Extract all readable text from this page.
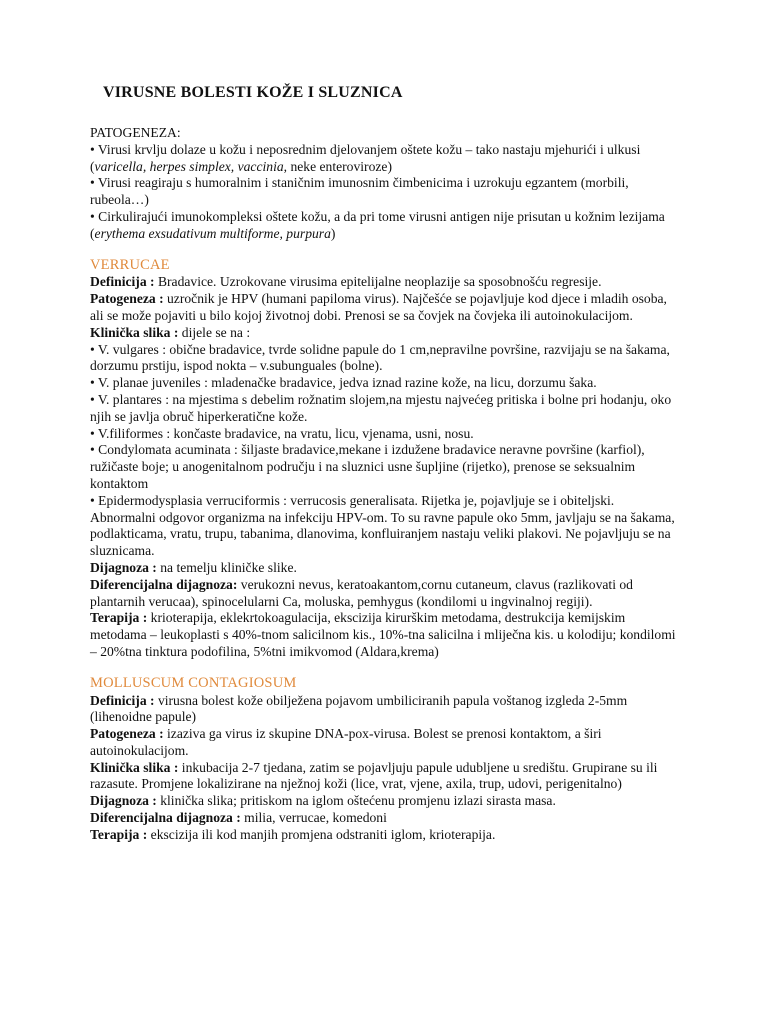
VIRUSNE BOLESTI KOŽE I SLUZNICA

PATOGENEZA:

• Virusi krvlju dolaze u kožu i neposrednim djelovanjem oštete kožu – tako nastaju mjehurići i ulkusi (varicella, herpes simplex, vaccinia, neke enteroviroze)

• Virusi reagiraju s humoralnim i staničnim imunosnim čimbenicima i uzrokuju egzantem (morbili, rubeola…)

• Cirkulirajući imunokompleksi oštete kožu, a da pri tome virusni antigen nije prisutan u kožnim lezijama (erythema exsudativum multiforme, purpura)

VERRUCAE

Definicija : Bradavice. Uzrokovane virusima epitelijalne neoplazije sa sposobnošću regresije.

Patogeneza : uzročnik je HPV (humani papiloma virus). Najčešće se pojavljuje kod djece i mladih osoba, ali se može pojaviti u bilo kojoj životnoj dobi. Prenosi se sa čovjek na čovjeka ili autoinokulacijom.

Klinička slika : dijele se na :

• V. vulgares : obične bradavice, tvrde solidne papule do 1 cm,nepravilne površine, razvijaju se na šakama, dorzumu prstiju, ispod nokta – v.subunguales (bolne).

• V. planae juveniles : mladenačke bradavice, jedva iznad razine kože, na licu, dorzumu šaka.

• V. plantares : na mjestima s debelim rožnatim slojem,na mjestu najvećeg pritiska i bolne pri hodanju, oko njih se javlja obruč hiperkeratične kože.

• V.filiformes : končaste bradavice, na vratu, licu, vjenama, usni, nosu.

• Condylomata acuminata : šiljaste bradavice,mekane i izdužene bradavice neravne površine (karfiol), ružičaste boje; u anogenitalnom području i na sluznici usne šupljine (rijetko), prenose se seksualnim kontaktom

• Epidermodysplasia verruciformis : verrucosis generalisata. Rijetka je, pojavljuje se i obiteljski. Abnormalni odgovor organizma na infekciju HPV-om. To su ravne papule oko 5mm, javljaju se na šakama, podlakticama, vratu, trupu, tabanima, dlanovima, konfluiranjem nastaju veliki plakovi. Ne pojavljuju se na sluznicama.

Dijagnoza : na temelju kliničke slike.

Diferencijalna dijagnoza: verukozni nevus, keratoakantom,cornu cutaneum, clavus (razlikovati od plantarnih verucaa), spinocelularni Ca, moluska, pemhygus (kondilomi u ingvinalnoj regiji).

Terapija : krioterapija, eklekrtokoagulacija, ekscizija kirurškim metodama, destrukcija kemijskim metodama – leukoplasti s 40%-tnom salicilnom kis., 10%-tna salicilna i mliječna kis. u kolodiju; kondilomi – 20%tna tinktura podofilina, 5%tni imikvomod (Aldara,krema)

MOLLUSCUM CONTAGIOSUM

Definicija : virusna bolest kože obilježena pojavom umbiliciranih papula voštanog izgleda 2-5mm (lihenoidne papule)

Patogeneza : izaziva ga virus iz skupine DNA-pox-virusa. Bolest se prenosi kontaktom, a širi autoinokulacijom.

Klinička slika : inkubacija 2-7 tjedana, zatim se pojavljuju papule udubljene u središtu. Grupirane su ili razasute. Promjene lokalizirane na nježnoj koži (lice, vrat, vjene, axila, trup, udovi, perigenitalno)

Dijagnoza : klinička slika; pritiskom na iglom oštećenu promjenu izlazi sirasta masa.

Diferencijalna dijagnoza : milia, verrucae, komedoni

Terapija : ekscizija ili kod manjih promjena odstraniti iglom, krioterapija.
